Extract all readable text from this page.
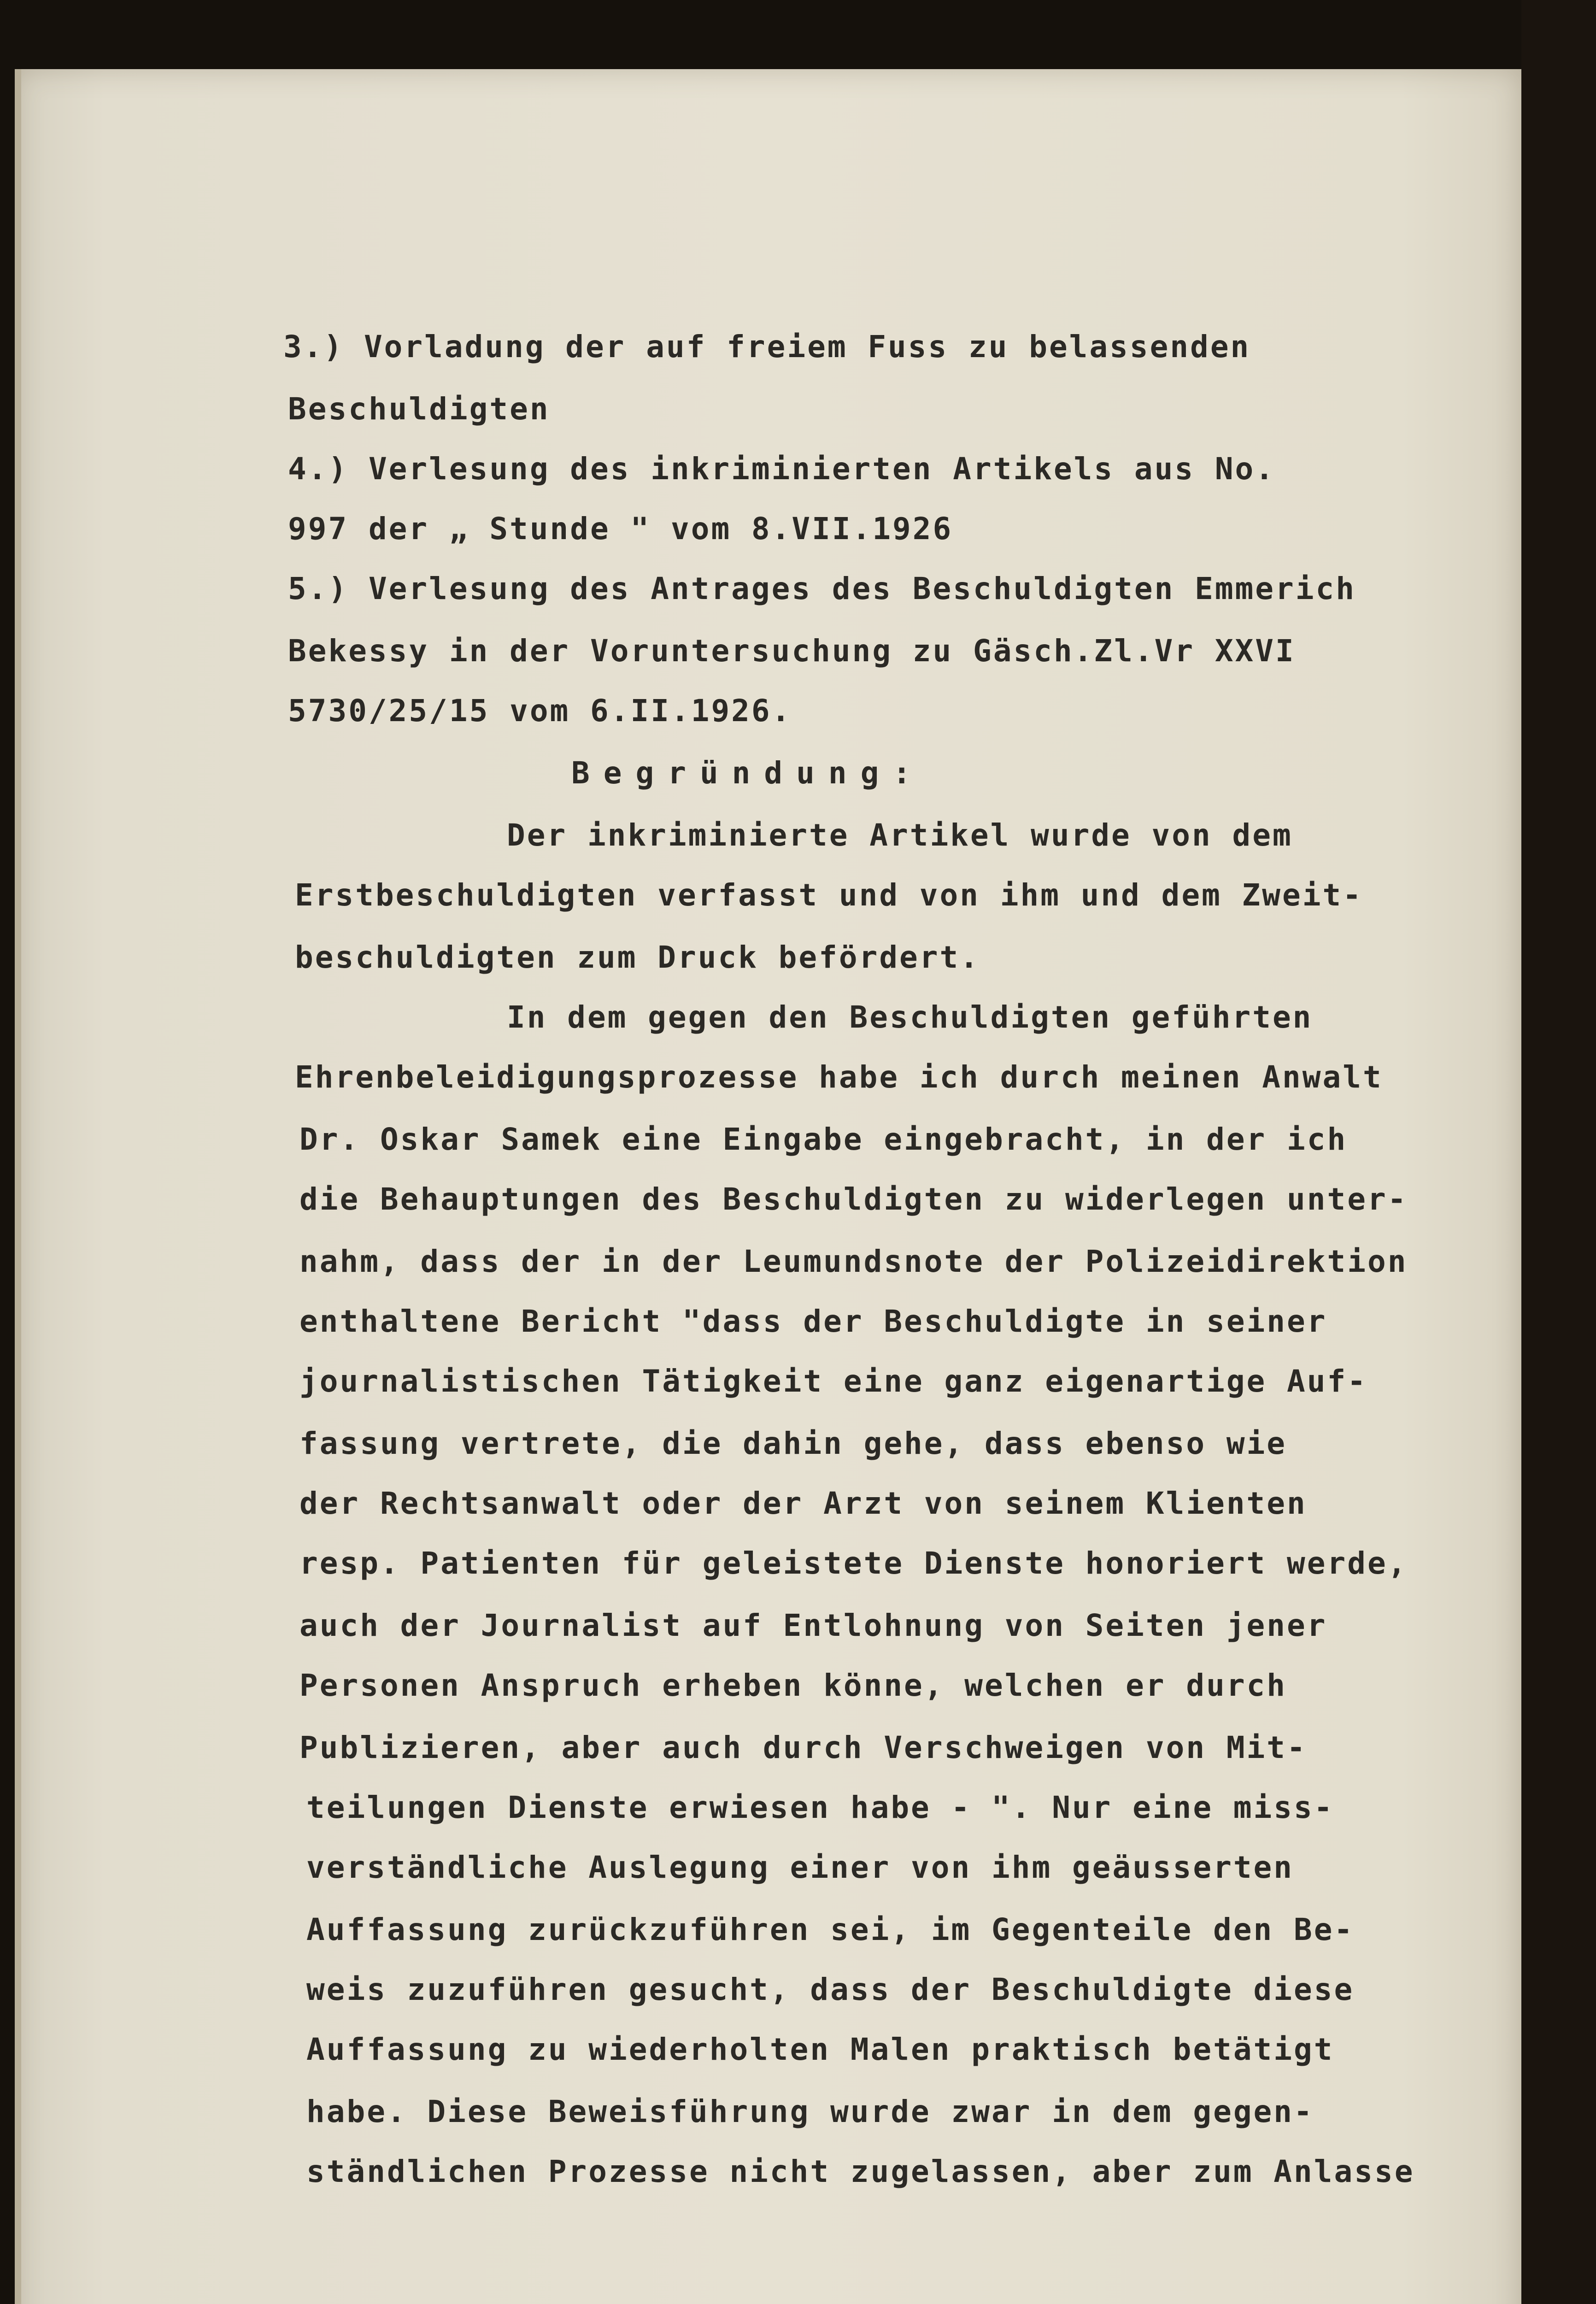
3.) Vorladung der auf freiem Fuss zu belassenden

Beschuldigten

4.) Verlesung des inkriminierten Artikels aus No.

997 der „ Stunde " vom 8.VII.1926

5.) Verlesung des Antrages des Beschuldigten Emmerich

Bekessy in der Voruntersuchung zu Gäsch.Zl.Vr XXVI

5730/25/15 vom 6.II.1926.

Begründung:

Der inkriminierte Artikel wurde von dem

Erstbeschuldigten verfasst und von ihm und dem Zweit-

beschuldigten zum Druck befördert.

In dem gegen den Beschuldigten geführten

Ehrenbeleidigungsprozesse habe ich durch meinen Anwalt

Dr. Oskar Samek eine Eingabe eingebracht, in der ich

die Behauptungen des Beschuldigten zu widerlegen unter-

nahm, dass der in der Leumundsnote der Polizeidirektion

enthaltene Bericht "dass der Beschuldigte in seiner

journalistischen Tätigkeit eine ganz eigenartige Auf-

fassung vertrete, die dahin gehe, dass ebenso wie

der Rechtsanwalt oder der Arzt von seinem Klienten

resp. Patienten für geleistete Dienste honoriert werde,

auch der Journalist auf Entlohnung von Seiten jener

Personen Anspruch erheben könne, welchen er durch

Publizieren, aber auch durch Verschweigen von Mit-

teilungen Dienste erwiesen habe - ". Nur eine miss-

verständliche Auslegung einer von ihm geäusserten

Auffassung zurückzuführen sei, im Gegenteile den Be-

weis zuzuführen gesucht, dass der Beschuldigte diese

Auffassung zu wiederholten Malen praktisch betätigt

habe. Diese Beweisführung wurde zwar in dem gegen-

ständlichen Prozesse nicht zugelassen, aber zum Anlasse
